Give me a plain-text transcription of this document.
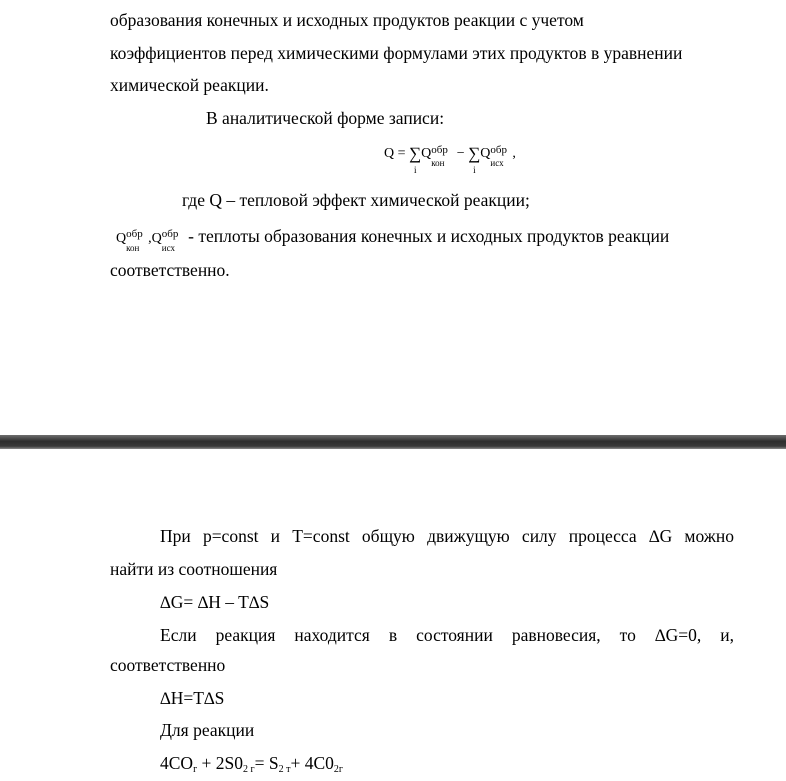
образования конечных и исходных продуктов реакции с учетом
коэффициентов перед химическими формулами этих продуктов в уравнении
химической реакции.
В аналитической форме записи:
Q = ∑
i
Q обр
кон
− ∑
i
Q обр
исх
,
где Q – тепловой эффект химической реакции;
Q обр
кон
,Q обр
исх
- теплоты образования конечных и исходных продуктов реакции
соответственно.
При p=const и T=const общую движущую силу процесса ∆G можно
найти из соотношения
∆G= ∆H – T∆S
Если реакция находится в состоянии равновесия, то ∆G=0, и,
соответственно
∆H=T∆S
Для реакции
4COг + 2S02 г= S2 т+ 4C02г
